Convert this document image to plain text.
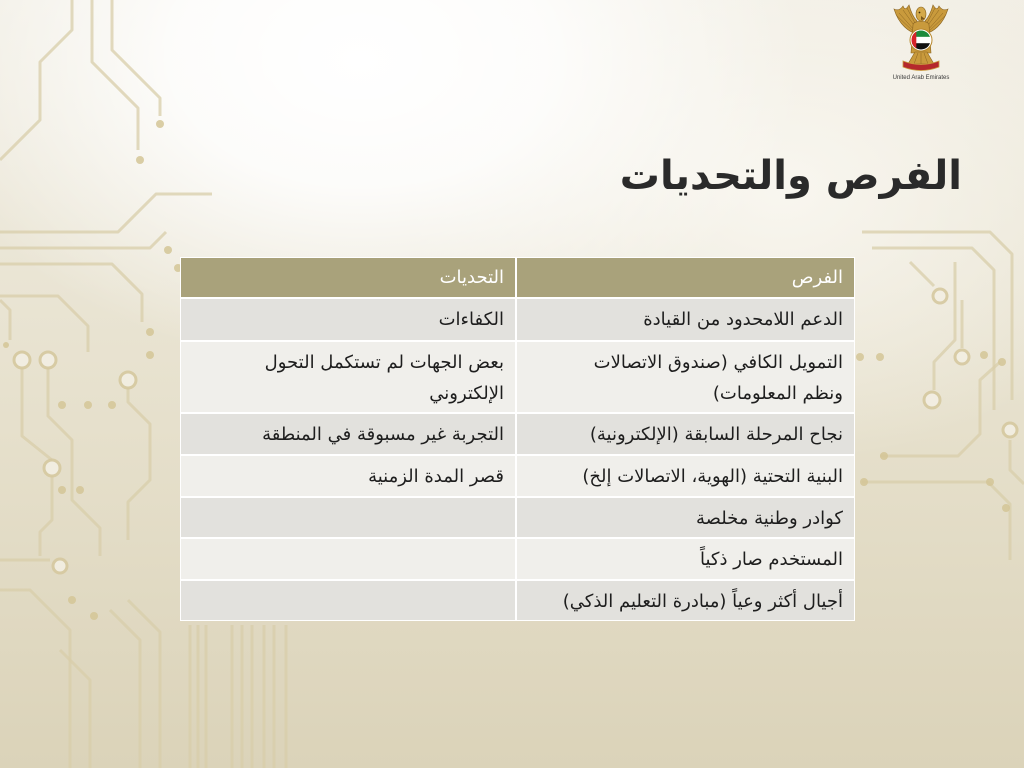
United Arab Emirates
الفرص والتحديات
الفرص
التحديات
الدعم اللامحدود من القيادة
الكفاءات
التمويل الكافي (صندوق الاتصالات
ونظم المعلومات)
بعض الجهات لم تستكمل التحول
الإلكتروني
نجاح المرحلة السابقة (الإلكترونية)
التجربة غير مسبوقة في المنطقة
البنية التحتية (الهوية، الاتصالات إلخ)
قصر المدة الزمنية
كوادر وطنية مخلصة
المستخدم صار ذكياً
أجيال أكثر وعياً (مبادرة التعليم الذكي)
